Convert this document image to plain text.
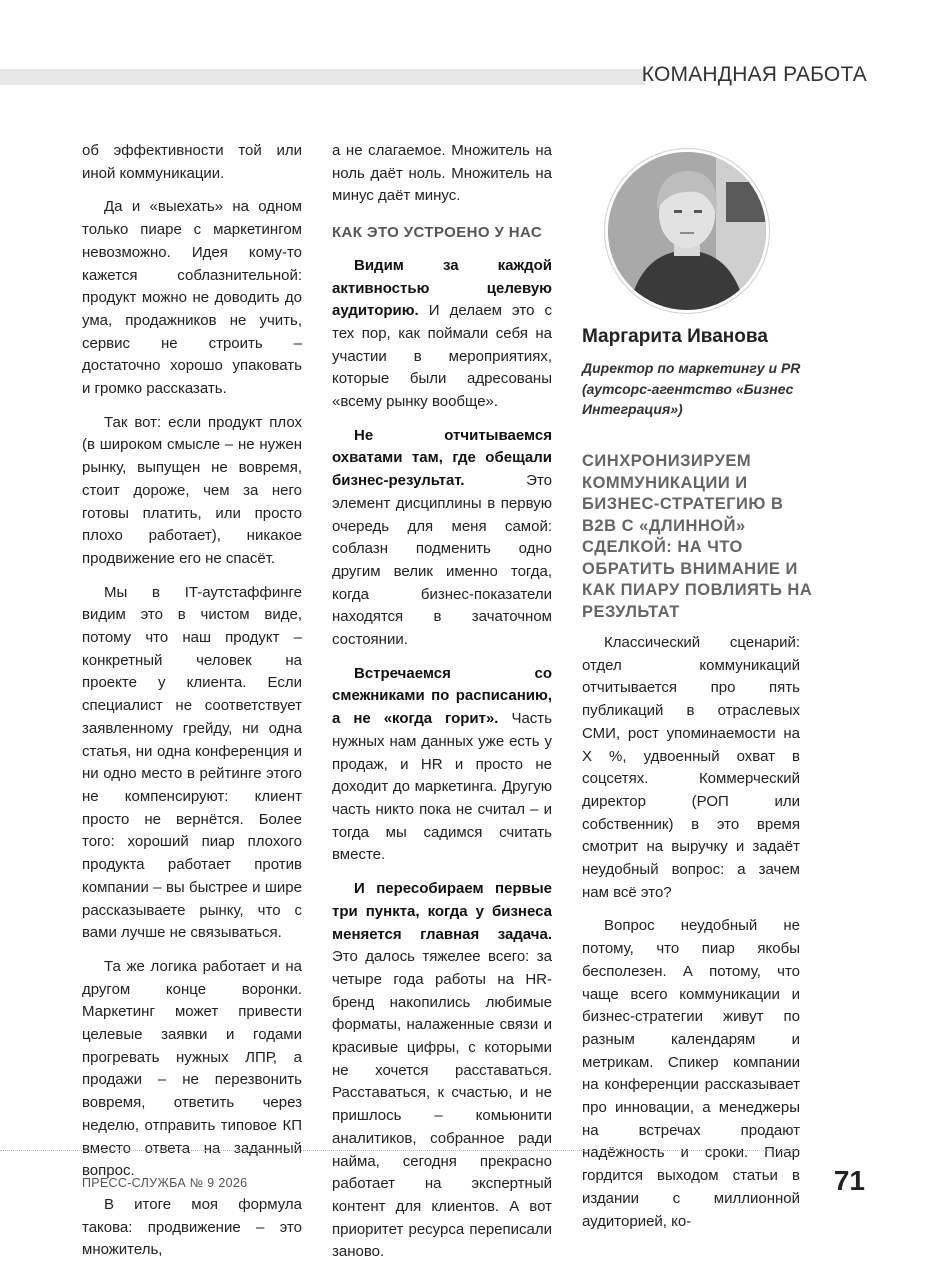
КОМАНДНАЯ РАБОТА

об эффективности той или иной коммуникации.

Да и «выехать» на одном только пиаре с маркетингом невозможно. Идея кому-то кажется соблазнительной: продукт можно не доводить до ума, продажников не учить, сервис не строить – достаточно хорошо упаковать и громко рассказать.

Так вот: если продукт плох (в широком смысле – не нужен рынку, выпущен не вовремя, стоит дороже, чем за него готовы платить, или просто плохо работает), никакое продвижение его не спасёт.

Мы в IT-аутстаффинге видим это в чистом виде, потому что наш продукт – конкретный человек на проекте у клиента. Если специалист не соответствует заявленному грейду, ни одна статья, ни одна конференция и ни одно место в рейтинге этого не компенсируют: клиент просто не вернётся. Более того: хороший пиар плохого продукта работает против компании – вы быстрее и шире рассказываете рынку, что с вами лучше не связываться.

Та же логика работает и на другом конце воронки. Маркетинг может привести целевые заявки и годами прогревать нужных ЛПР, а продажи – не перезвонить вовремя, ответить через неделю, отправить типовое КП вместо ответа на заданный вопрос.

В итоге моя формула такова: продвижение – это множитель,

а не слагаемое. Множитель на ноль даёт ноль. Множитель на минус даёт минус.

КАК ЭТО УСТРОЕНО У НАС

Видим за каждой активностью целевую аудиторию. И делаем это с тех пор, как поймали себя на участии в мероприятиях, которые были адресованы «всему рынку вообще».

Не отчитываемся охватами там, где обещали бизнес-результат. Это элемент дисциплины в первую очередь для меня самой: соблазн подменить одно другим велик именно тогда, когда бизнес-показатели находятся в зачаточном состоянии.

Встречаемся со смежниками по расписанию, а не «когда горит». Часть нужных нам данных уже есть у продаж, и HR и просто не доходит до маркетинга. Другую часть никто пока не считал – и тогда мы садимся считать вместе.

И пересобираем первые три пункта, когда у бизнеса меняется главная задача. Это далось тяжелее всего: за четыре года работы на HR-бренд накопились любимые форматы, налаженные связи и красивые цифры, с которыми не хочется расставаться. Расставаться, к счастью, и не пришлось – комьюнити аналитиков, собранное ради найма, сегодня прекрасно работает на экспертный контент для клиентов. А вот приоритет ресурса переписали заново.

Маргарита Иванова
Директор по маркетингу и PR (аутсорс-агентство «Бизнес Интеграция»)
СИНХРОНИЗИРУЕМ КОММУНИКАЦИИ И БИЗНЕС-СТРАТЕГИЮ В B2B С «ДЛИННОЙ» СДЕЛКОЙ: НА ЧТО ОБРАТИТЬ ВНИМАНИЕ И КАК ПИАРУ ПОВЛИЯТЬ НА РЕЗУЛЬТАТ

Классический сценарий: отдел коммуникаций отчитывается про пять публикаций в отраслевых СМИ, рост упоминаемости на X %, удвоенный охват в соцсетях. Коммерческий директор (РОП или собственник) в это время смотрит на выручку и задаёт неудобный вопрос: а зачем нам всё это?

Вопрос неудобный не потому, что пиар якобы бесполезен. А потому, что чаще всего коммуникации и бизнес-стратегии живут по разным календарям и метрикам. Спикер компании на конференции рассказывает про инновации, а менеджеры на встречах продают надёжность и сроки. Пиар гордится выходом статьи в издании с миллионной аудиторией, ко-

ПРЕСС-СЛУЖБА № 9 2026	71
